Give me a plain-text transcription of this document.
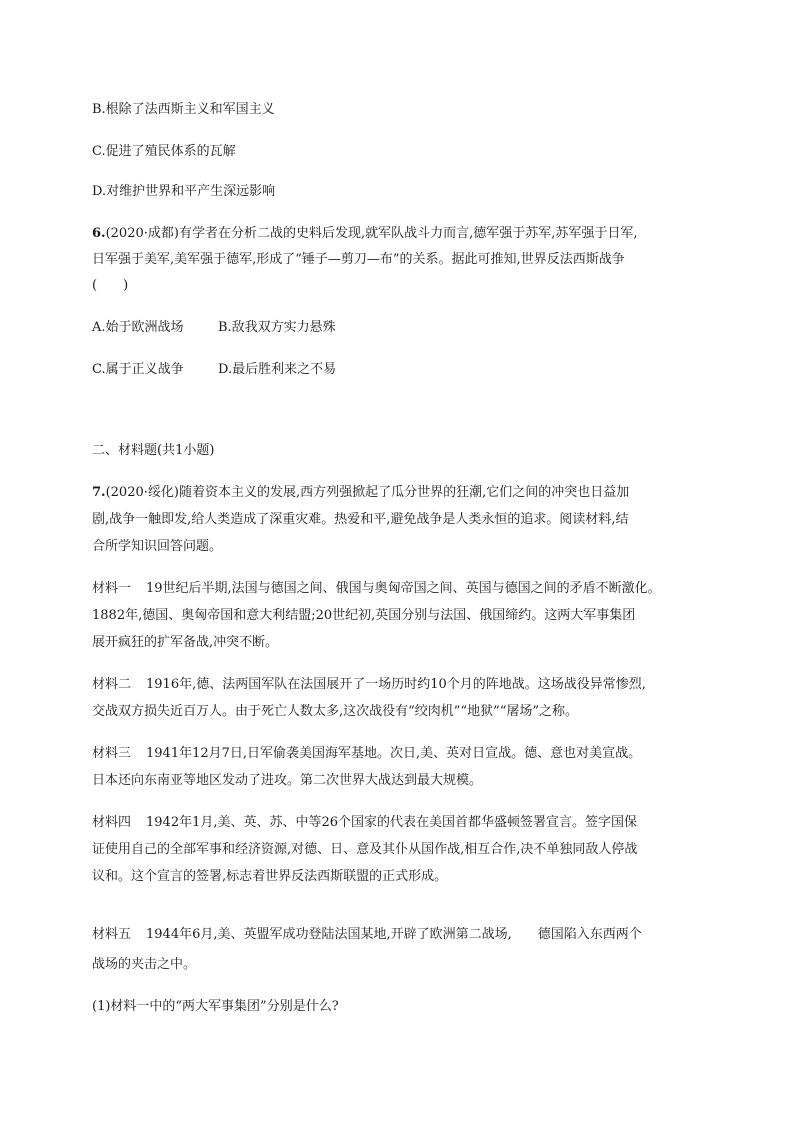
B.根除了法西斯主义和军国主义
C.促进了殖民体系的瓦解
D.对维护世界和平产生深远影响
6.(2020·成都)有学者在分析二战的史料后发现,就军队战斗力而言,德军强于苏军,苏军强于日军,
日军强于美军,美军强于德军,形成了“锤子—剪刀—布”的关系。据此可推知,世界反法西斯战争
(　　)
A.始于欧洲战场	B.敌我双方实力悬殊
C.属于正义战争	D.最后胜利来之不易
二、材料题(共1小题)
7.(2020·绥化)随着资本主义的发展,西方列强掀起了瓜分世界的狂潮,它们之间的冲突也日益加
剧,战争一触即发,给人类造成了深重灾难。热爱和平,避免战争是人类永恒的追求。阅读材料,结
合所学知识回答问题。
材料一 19世纪后半期,法国与德国之间、俄国与奥匈帝国之间、英国与德国之间的矛盾不断激化。
1882年,德国、奥匈帝国和意大利结盟;20世纪初,英国分别与法国、俄国缔约。这两大军事集团
展开疯狂的扩军备战,冲突不断。
材料二 1916年,德、法两国军队在法国展开了一场历时约10个月的阵地战。这场战役异常惨烈,
交战双方损失近百万人。由于死亡人数太多,这次战役有“绞肉机”“地狱”“屠场”之称。
材料三 1941年12月7日,日军偷袭美国海军基地。次日,美、英对日宣战。德、意也对美宣战。
日本还向东南亚等地区发动了进攻。第二次世界大战达到最大规模。
材料四 1942年1月,美、英、苏、中等26个国家的代表在美国首都华盛顿签署宣言。签字国保
证使用自己的全部军事和经济资源,对德、日、意及其仆从国作战,相互合作,决不单独同敌人停战
议和。这个宣言的签署,标志着世界反法西斯联盟的正式形成。
材料五 1944年6月,美、英盟军成功登陆法国某地,开辟了欧洲第二战场,　　德国陷入东西两个
战场的夹击之中。
(1)材料一中的“两大军事集团”分别是什么?
